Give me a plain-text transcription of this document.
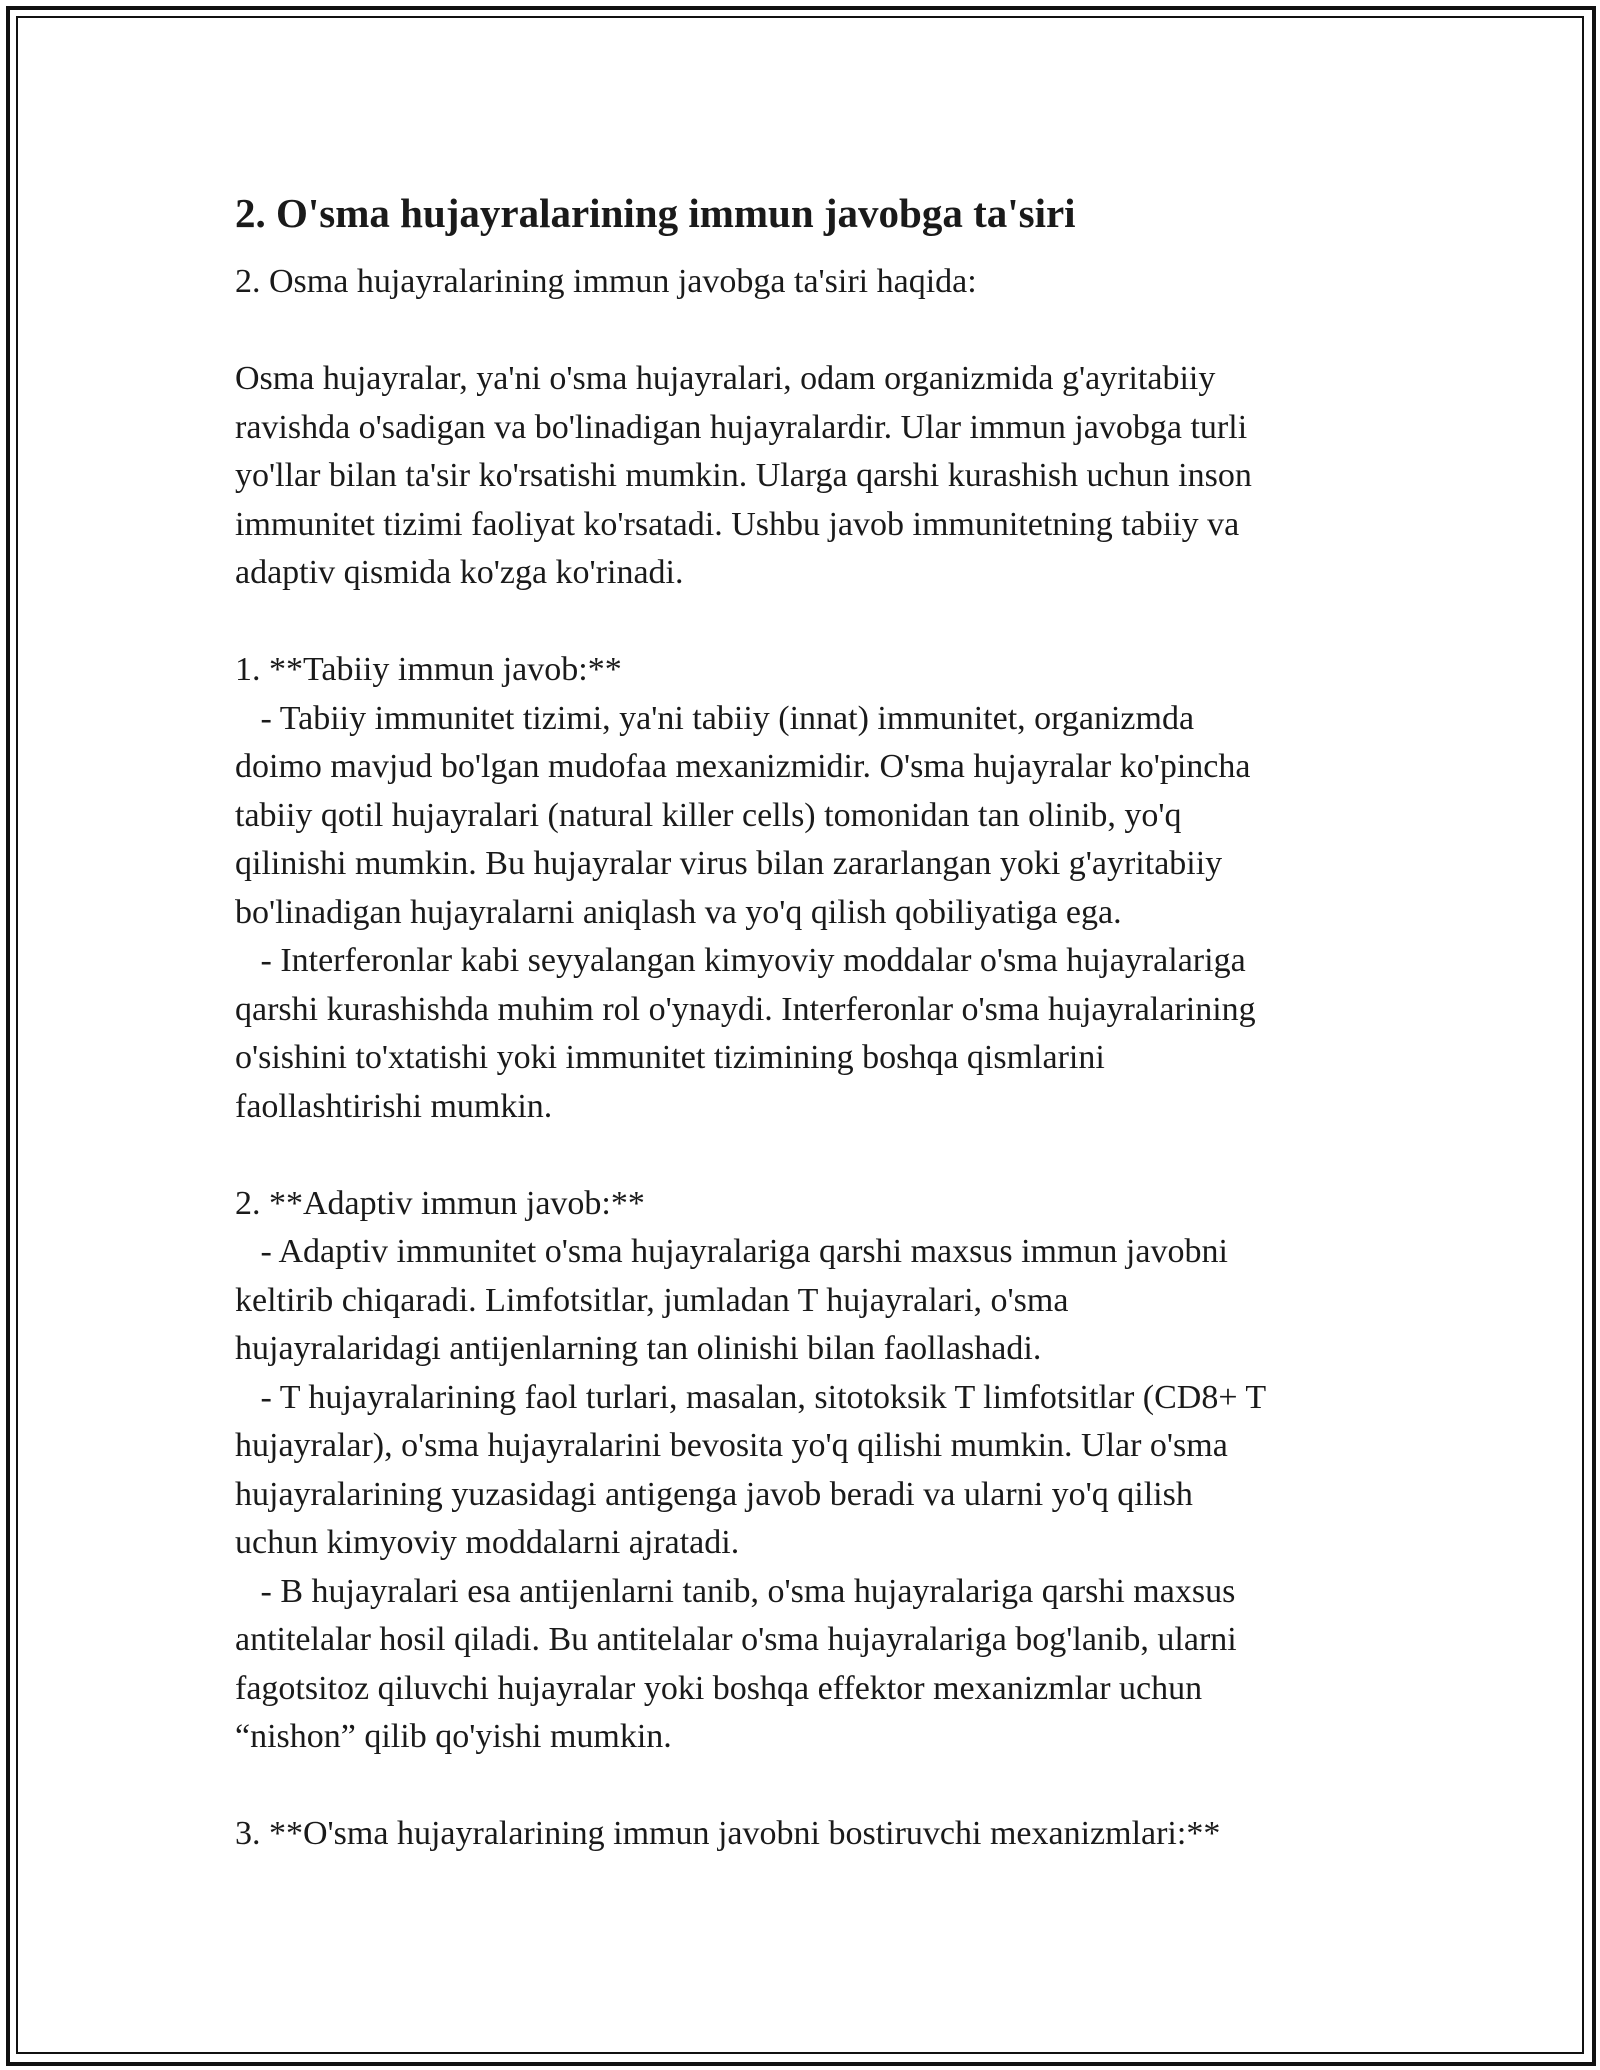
2. O'sma hujayralarining immun javobga ta'siri
2. Osma hujayralarining immun javobga ta'siri haqida:
Osma hujayralar, ya'ni o'sma hujayralari, odam organizmida g'ayritabiiy
ravishda o'sadigan va bo'linadigan hujayralardir. Ular immun javobga turli
yo'llar bilan ta'sir ko'rsatishi mumkin. Ularga qarshi kurashish uchun inson
immunitet tizimi faoliyat ko'rsatadi. Ushbu javob immunitetning tabiiy va
adaptiv qismida ko'zga ko'rinadi.
1. **Tabiiy immun javob:**
- Tabiiy immunitet tizimi, ya'ni tabiiy (innat) immunitet, organizmda
doimo mavjud bo'lgan mudofaa mexanizmidir. O'sma hujayralar ko'pincha
tabiiy qotil hujayralari (natural killer cells) tomonidan tan olinib, yo'q
qilinishi mumkin. Bu hujayralar virus bilan zararlangan yoki g'ayritabiiy
bo'linadigan hujayralarni aniqlash va yo'q qilish qobiliyatiga ega.
- Interferonlar kabi seyyalangan kimyoviy moddalar o'sma hujayralariga
qarshi kurashishda muhim rol o'ynaydi. Interferonlar o'sma hujayralarining
o'sishini to'xtatishi yoki immunitet tizimining boshqa qismlarini
faollashtirishi mumkin.
2. **Adaptiv immun javob:**
- Adaptiv immunitet o'sma hujayralariga qarshi maxsus immun javobni
keltirib chiqaradi. Limfotsitlar, jumladan T hujayralari, o'sma
hujayralaridagi antijenlarning tan olinishi bilan faollashadi.
- T hujayralarining faol turlari, masalan, sitotoksik T limfotsitlar (CD8+ T
hujayralar), o'sma hujayralarini bevosita yo'q qilishi mumkin. Ular o'sma
hujayralarining yuzasidagi antigenga javob beradi va ularni yo'q qilish
uchun kimyoviy moddalarni ajratadi.
- B hujayralari esa antijenlarni tanib, o'sma hujayralariga qarshi maxsus
antitelalar hosil qiladi. Bu antitelalar o'sma hujayralariga bog'lanib, ularni
fagotsitoz qiluvchi hujayralar yoki boshqa effektor mexanizmlar uchun
“nishon” qilib qo'yishi mumkin.
3. **O'sma hujayralarining immun javobni bostiruvchi mexanizmlari:**
